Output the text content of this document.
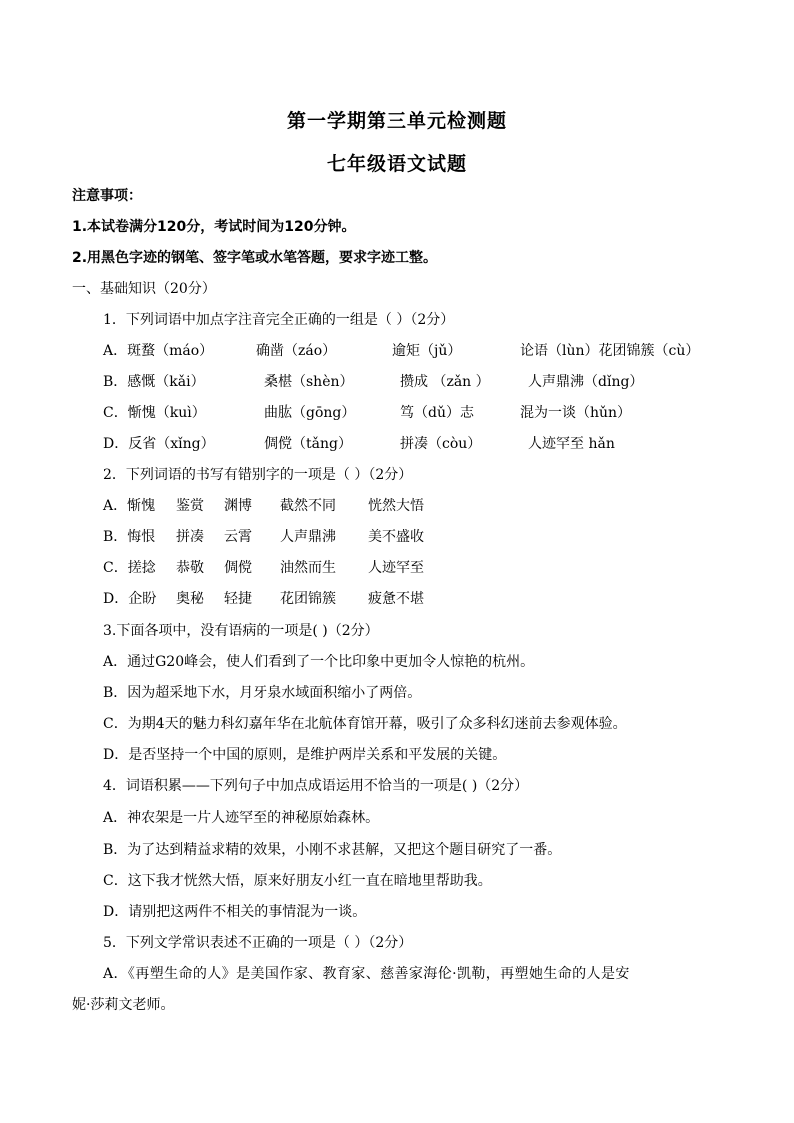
第一学期第三单元检测题
七年级语文试题
注意事项：
1.本试卷满分120分，考试时间为120分钟。
2.用黑色字迹的钢笔、签字笔或水笔答题，要求字迹工整。
一、基础知识（20分）
1．下列词语中加点字注音完全正确的一组是（ ）（2分）
A．斑蝥（máo）	确凿（záo）	逾矩（jǔ）	论语（lùn）花团锦簇（cù）
B．感慨（kǎi）	桑椹（shèn）	攒成 （zǎn ）	人声鼎沸（dǐng）
C．惭愧（kuì）	曲肱（gōng）	笃（dǔ）志	混为一谈（hǔn）
D．反省（xǐng）	倜傥（tǎng）	拼凑（còu）	人迹罕至 hǎn
2．下列词语的书写有错别字的一项是（ ）（2分）
A．惭愧 鉴赏 渊博 截然不同 恍然大悟
B．悔恨 拼凑 云霄 人声鼎沸 美不盛收
C．搓捻 恭敬 倜傥 油然而生 人迹罕至
D．企盼 奥秘 轻捷 花团锦簇 疲惫不堪
3.下面各项中，没有语病的一项是( )（2分）
A．通过G20峰会，使人们看到了一个比印象中更加令人惊艳的杭州。
B．因为超采地下水，月牙泉水域面积缩小了两倍。
C．为期4天的魅力科幻嘉年华在北航体育馆开幕，吸引了众多科幻迷前去参观体验。
D．是否坚持一个中国的原则，是维护两岸关系和平发展的关键。
4．词语积累——下列句子中加点成语运用不恰当的一项是( )（2分）
A．神农架是一片人迹罕至的神秘原始森林。
B．为了达到精益求精的效果，小刚不求甚解，又把这个题目研究了一番。
C．这下我才恍然大悟，原来好朋友小红一直在暗地里帮助我。
D．请别把这两件不相关的事情混为一谈。
5．下列文学常识表述不正确的一项是（ ）（2分）
A．《再塑生命的人》是美国作家、教育家、慈善家海伦·凯勒，再塑她生命的人是安
妮·莎莉文老师。
